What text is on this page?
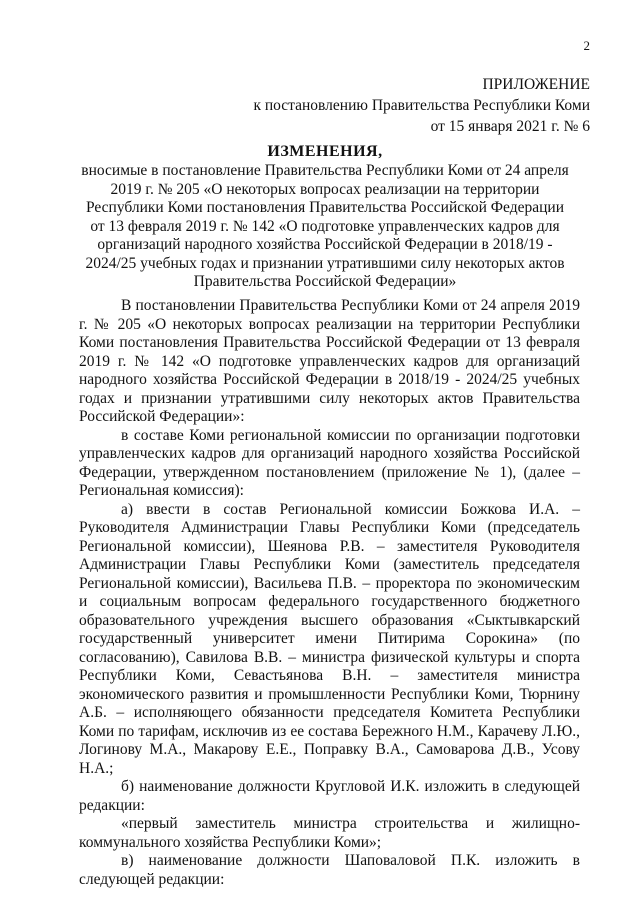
2
ПРИЛОЖЕНИЕ
к постановлению Правительства Республики Коми
от 15 января 2021 г. № 6
ИЗМЕНЕНИЯ,
вносимые в постановление Правительства Республики Коми от 24 апреля 2019 г. № 205 «О некоторых вопросах реализации на территории Республики Коми постановления Правительства Российской Федерации от 13 февраля 2019 г. № 142 «О подготовке управленческих кадров для организаций народного хозяйства Российской Федерации в 2018/19 - 2024/25 учебных годах и признании утратившими силу некоторых актов Правительства Российской Федерации»

В постановлении Правительства Республики Коми от 24 апреля 2019 г. № 205 «О некоторых вопросах реализации на территории Республики Коми постановления Правительства Российской Федерации от 13 февраля 2019 г. № 142 «О подготовке управленческих кадров для организаций народного хозяйства Российской Федерации в 2018/19 - 2024/25 учебных годах и признании утратившими силу некоторых актов Правительства Российской Федерации»:

в составе Коми региональной комиссии по организации подготовки управленческих кадров для организаций народного хозяйства Российской Федерации, утвержденном постановлением (приложение № 1), (далее – Региональная комиссия):

а) ввести в состав Региональной комиссии Божкова И.А. – Руководителя Администрации Главы Республики Коми (председатель Региональной комиссии), Шеянова Р.В. – заместителя Руководителя Администрации Главы Республики Коми (заместитель председателя Региональной комиссии), Васильева П.В. – проректора по экономическим и социальным вопросам федерального государственного бюджетного образовательного учреждения высшего образования «Сыктывкарский государственный университет имени Питирима Сорокина» (по согласованию), Савилова В.В. – министра физической культуры и спорта Республики Коми, Севастьянова В.Н. – заместителя министра экономического развития и промышленности Республики Коми, Тюрнину А.Б. – исполняющего обязанности председателя Комитета Республики Коми по тарифам, исключив из ее состава Бережного Н.М., Карачеву Л.Ю., Логинову М.А., Макарову Е.Е., Поправку В.А., Самоварова Д.В., Усову Н.А.;

б) наименование должности Кругловой И.К. изложить в следующей редакции:

«первый заместитель министра строительства и жилищно-коммунального хозяйства Республики Коми»;

в) наименование должности Шаповаловой П.К. изложить в следующей редакции:
